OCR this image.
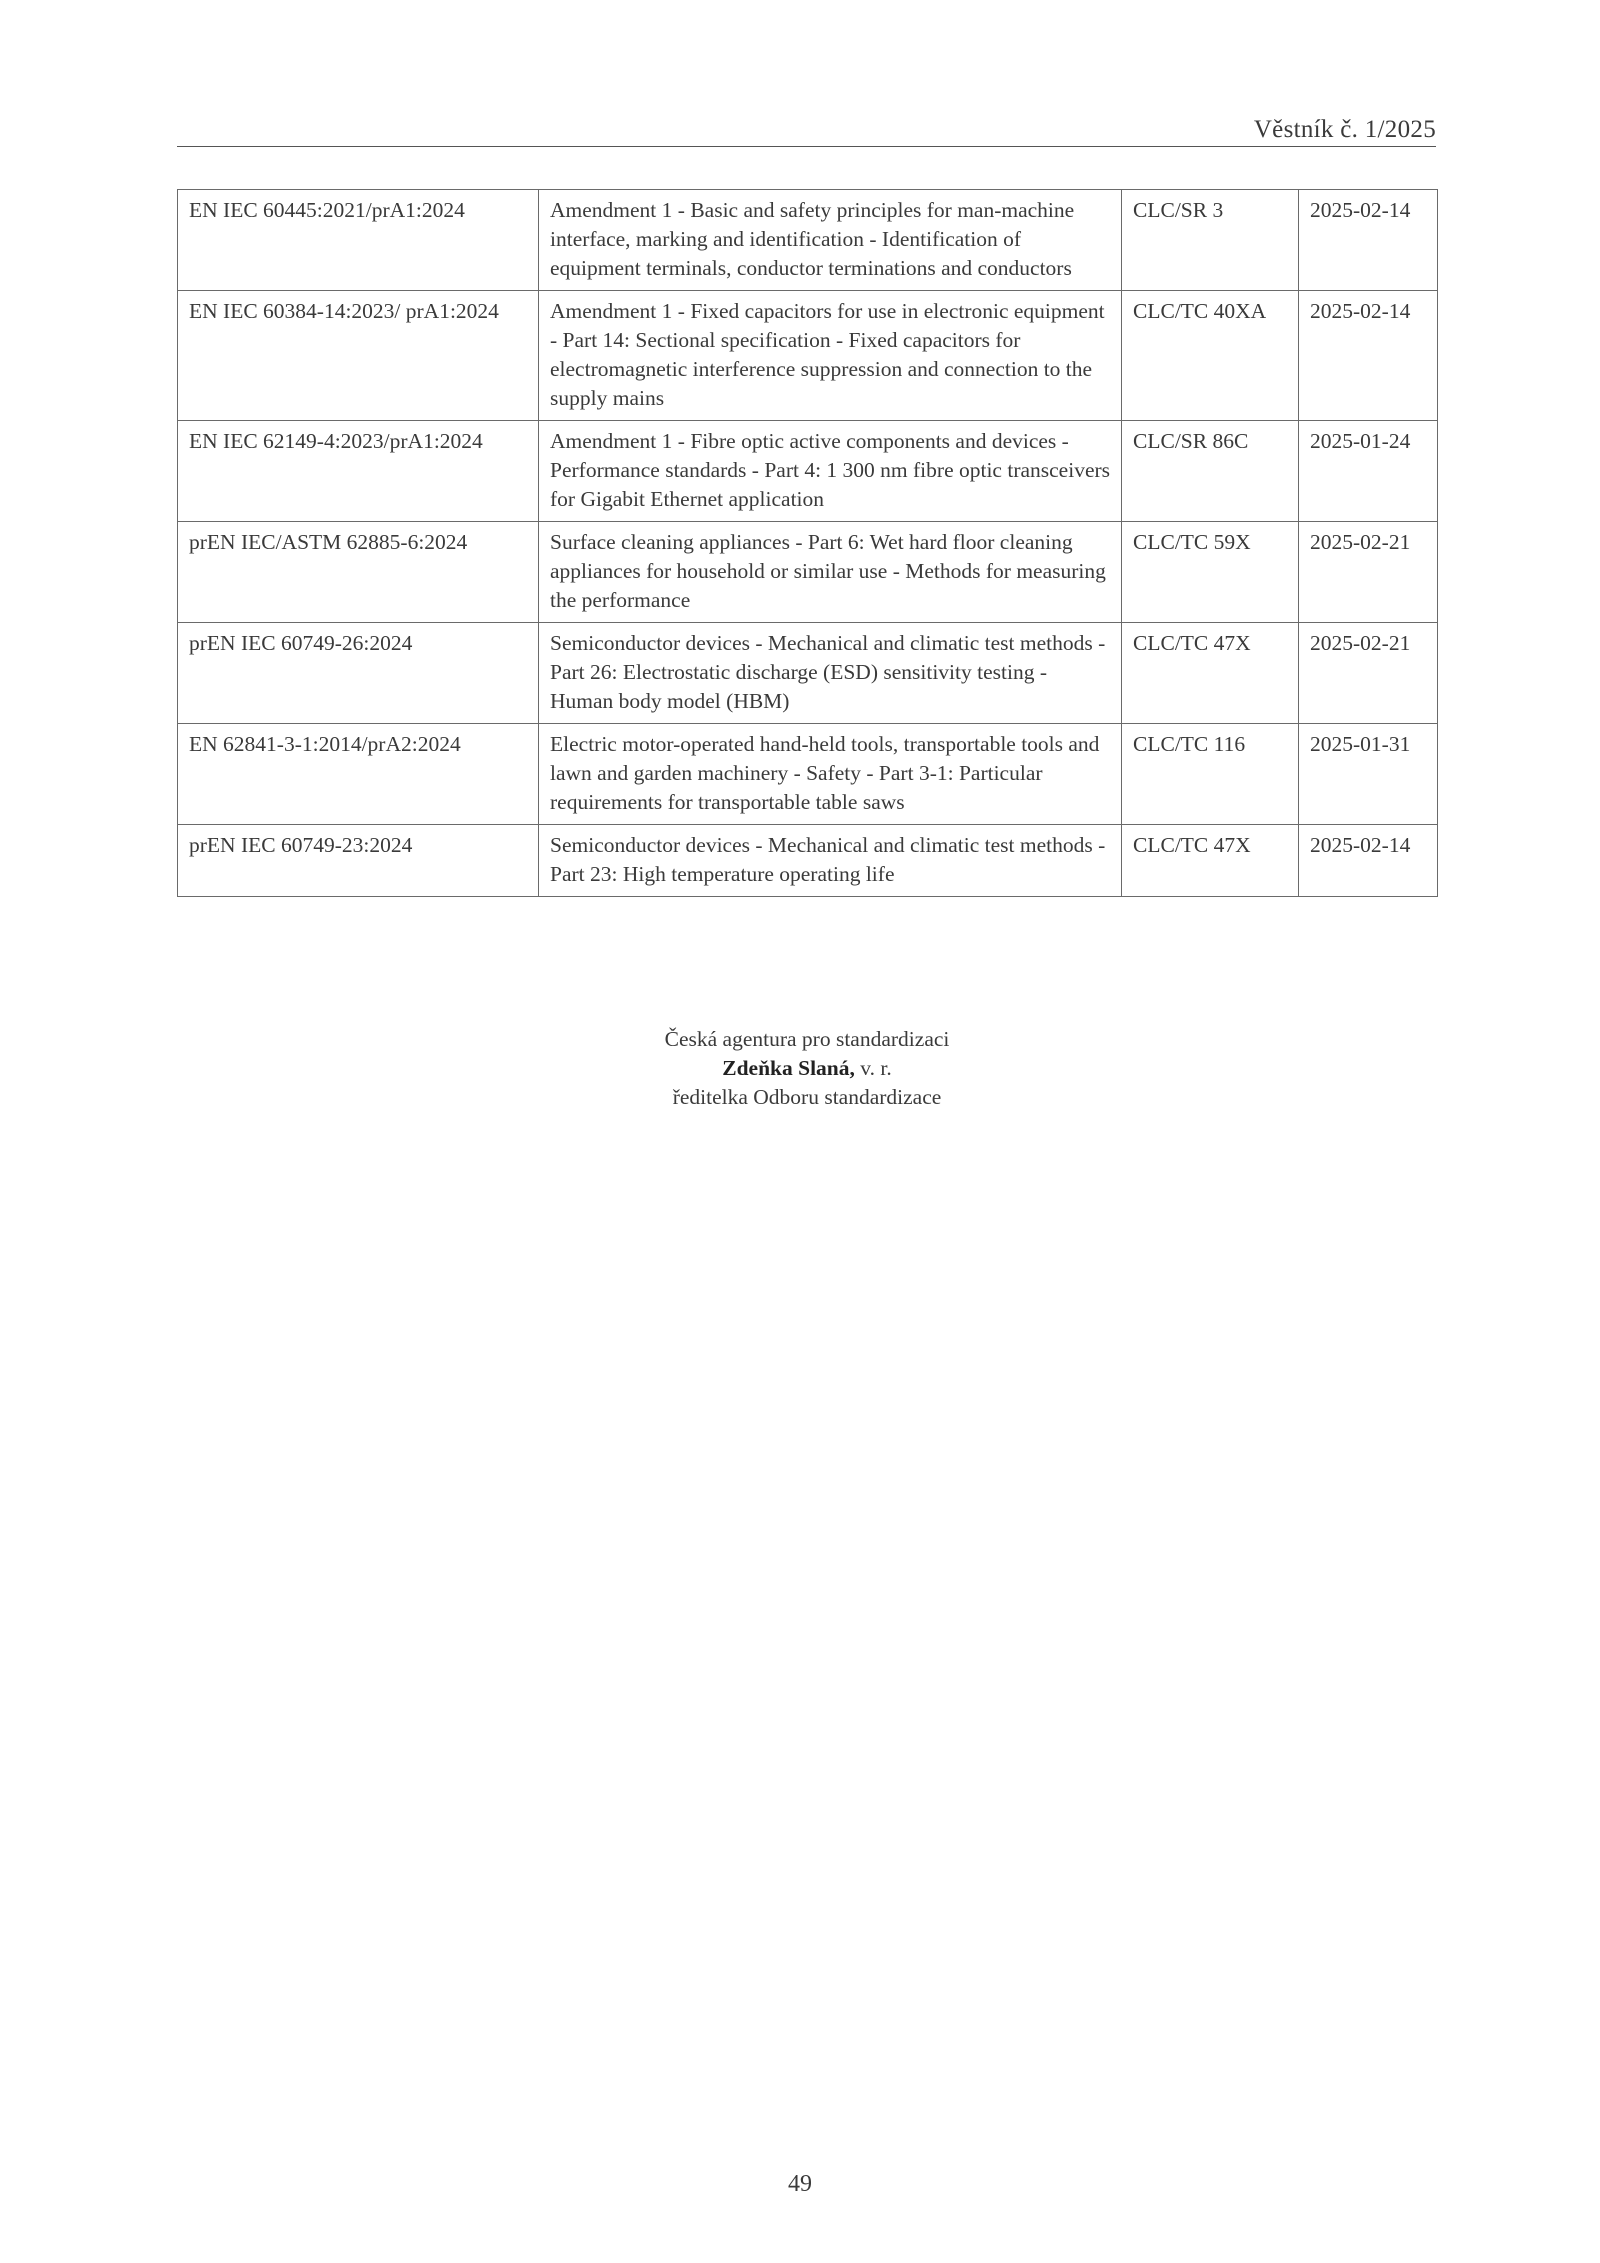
Věstník č. 1/2025
EN IEC 60445:2021/prA1:2024	Amendment 1 - Basic and safety principles for man-machine interface, marking and identification - Identification of equipment terminals, conductor terminations and conductors	CLC/SR 3	2025-02-14
EN IEC 60384-14:2023/ prA1:2024	Amendment 1 - Fixed capacitors for use in electronic equipment - Part 14: Sectional specification - Fixed capacitors for electromagnetic interference suppression and connection to the supply mains	CLC/TC 40XA	2025-02-14
EN IEC 62149-4:2023/prA1:2024	Amendment 1 - Fibre optic active components and devices - Performance standards - Part 4: 1 300 nm fibre optic transceivers for Gigabit Ethernet application	CLC/SR 86C	2025-01-24
prEN IEC/ASTM 62885-6:2024	Surface cleaning appliances - Part 6: Wet hard floor cleaning appliances for household or similar use - Methods for measuring the performance	CLC/TC 59X	2025-02-21
prEN IEC 60749-26:2024	Semiconductor devices - Mechanical and climatic test methods - Part 26: Electrostatic discharge (ESD) sensitivity testing - Human body model (HBM)	CLC/TC 47X	2025-02-21
EN 62841-3-1:2014/prA2:2024	Electric motor-operated hand-held tools, transportable tools and lawn and garden machinery - Safety - Part 3-1: Particular requirements for transportable table saws	CLC/TC 116	2025-01-31
prEN IEC 60749-23:2024	Semiconductor devices - Mechanical and climatic test methods - Part 23: High temperature operating life	CLC/TC 47X	2025-02-14
Česká agentura pro standardizaci
Zdeňka Slaná, v. r.
ředitelka Odboru standardizace
49
